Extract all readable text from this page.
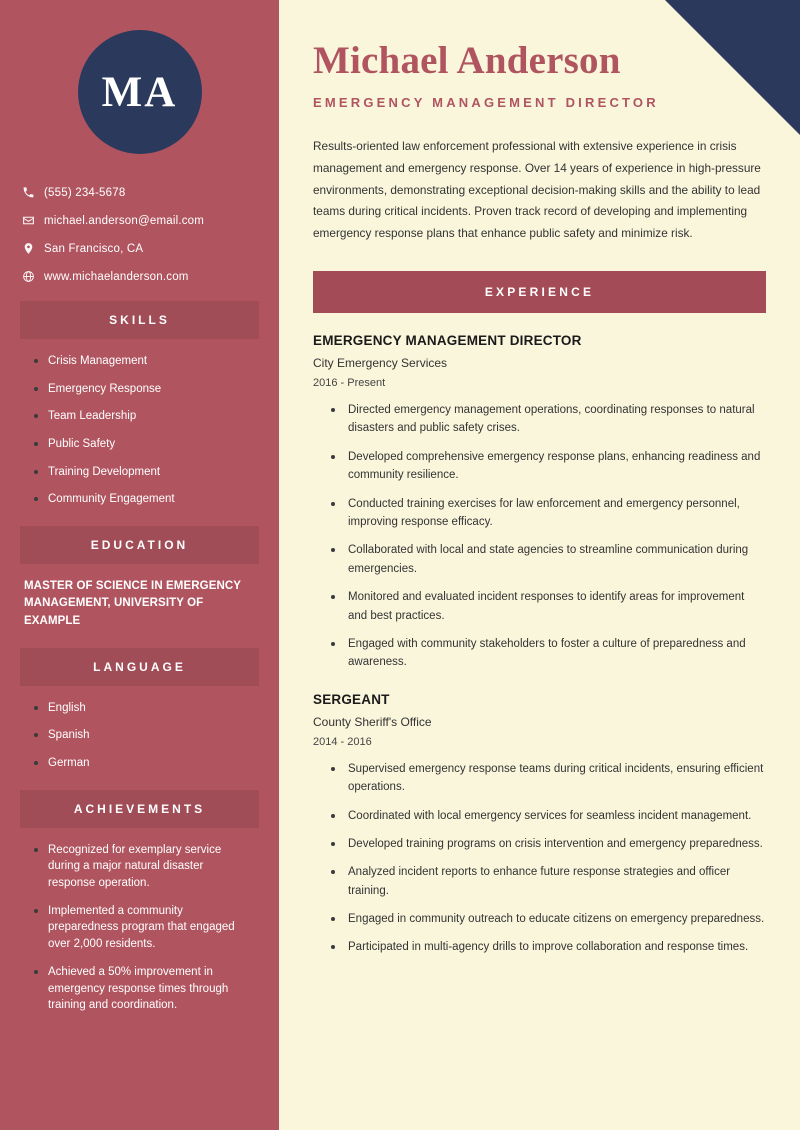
MA
(555) 234-5678
michael.anderson@email.com
San Francisco, CA
www.michaelanderson.com
SKILLS
Crisis Management
Emergency Response
Team Leadership
Public Safety
Training Development
Community Engagement
EDUCATION
MASTER OF SCIENCE IN EMERGENCY MANAGEMENT, UNIVERSITY OF EXAMPLE
LANGUAGE
English
Spanish
German
ACHIEVEMENTS
Recognized for exemplary service during a major natural disaster response operation.
Implemented a community preparedness program that engaged over 2,000 residents.
Achieved a 50% improvement in emergency response times through training and coordination.
Michael Anderson
EMERGENCY MANAGEMENT DIRECTOR

Results-oriented law enforcement professional with extensive experience in crisis management and emergency response. Over 14 years of experience in high-pressure environments, demonstrating exceptional decision-making skills and the ability to lead teams during critical incidents. Proven track record of developing and implementing emergency response plans that enhance public safety and minimize risk.

EXPERIENCE
EMERGENCY MANAGEMENT DIRECTOR
City Emergency Services
2016 - Present
Directed emergency management operations, coordinating responses to natural disasters and public safety crises.
Developed comprehensive emergency response plans, enhancing readiness and community resilience.
Conducted training exercises for law enforcement and emergency personnel, improving response efficacy.
Collaborated with local and state agencies to streamline communication during emergencies.
Monitored and evaluated incident responses to identify areas for improvement and best practices.
Engaged with community stakeholders to foster a culture of preparedness and awareness.
SERGEANT
County Sheriff's Office
2014 - 2016
Supervised emergency response teams during critical incidents, ensuring efficient operations.
Coordinated with local emergency services for seamless incident management.
Developed training programs on crisis intervention and emergency preparedness.
Analyzed incident reports to enhance future response strategies and officer training.
Engaged in community outreach to educate citizens on emergency preparedness.
Participated in multi-agency drills to improve collaboration and response times.
